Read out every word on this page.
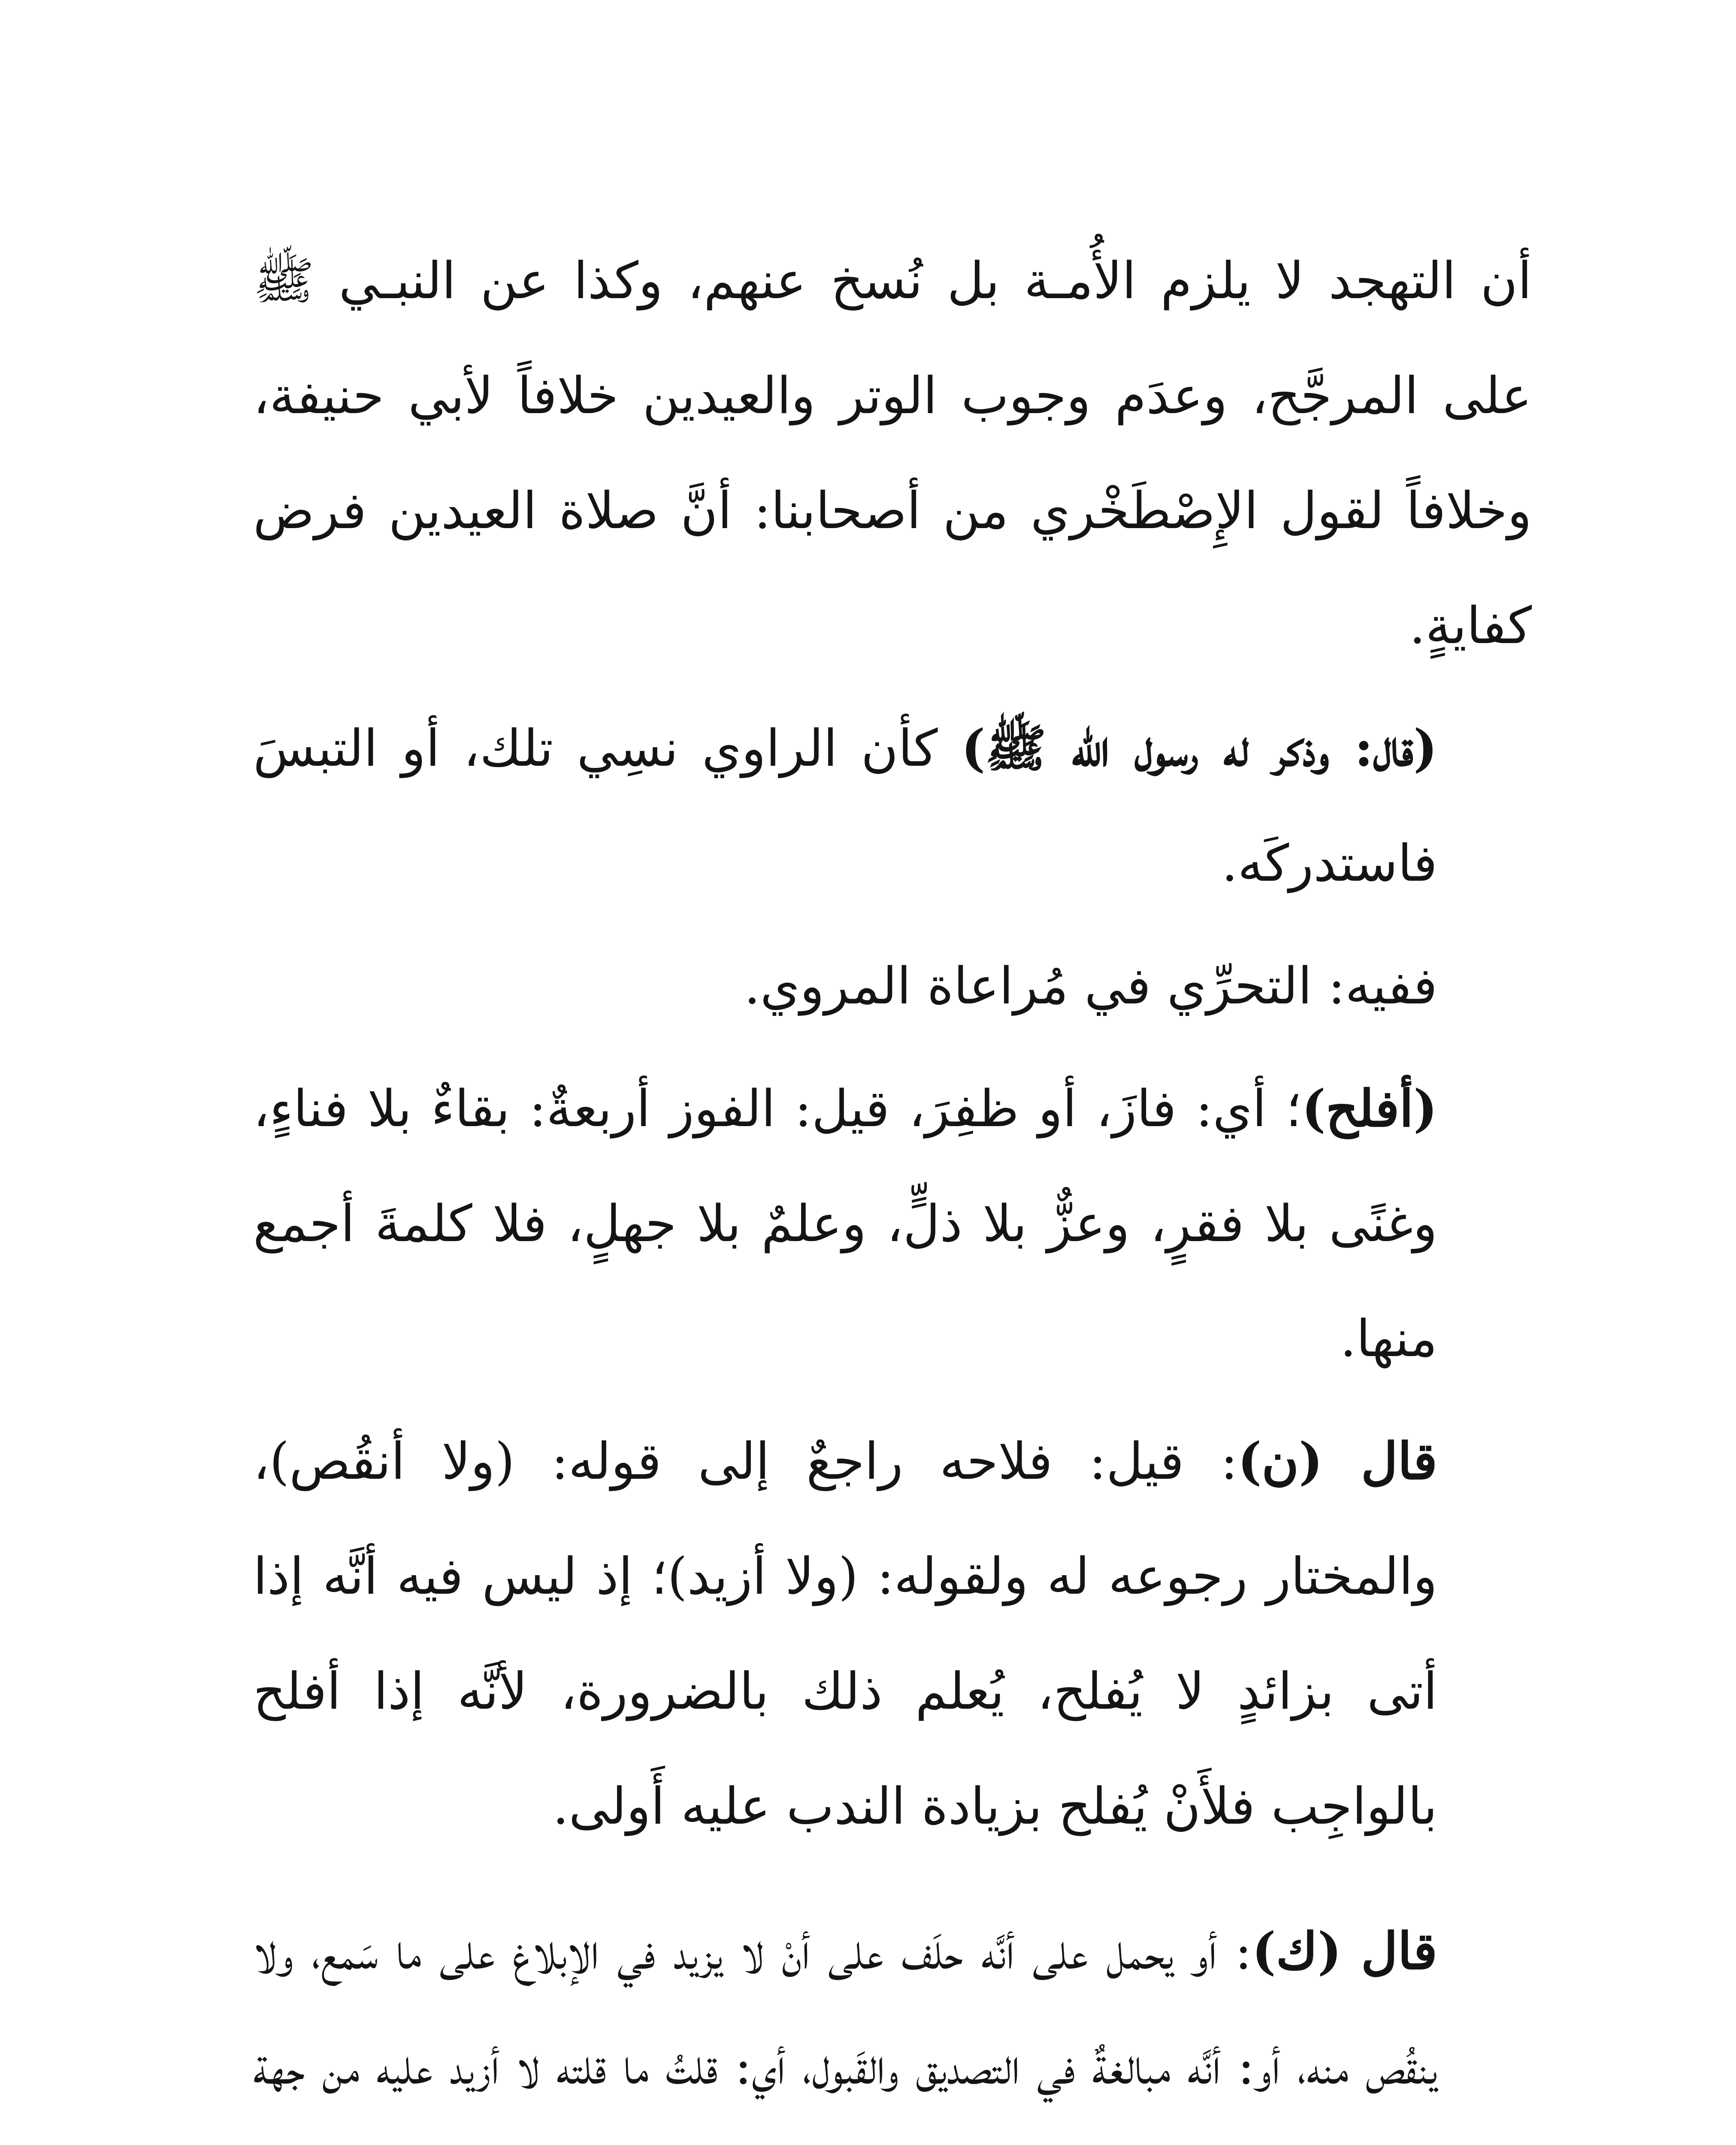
أن التهجد لا يلزم الأُمـة بل نُسخ عنهم، وكذا عن النبـي ﷺ على المرجَّح، وعدَم وجوب الوتر والعيدين خلافاً لأبي حنيفة، وخلافاً لقول الإِصْطَخْري من أصحابنا: أنَّ صلاة العيدين فرض كفايةٍ.

(قال: وذكر له رسول الله ﷺ) كأن الراوي نسِي تلك، أو التبسَ فاستدركَه.

ففيه: التحرِّي في مُراعاة المروي.

(أفلح)؛ أي: فازَ، أو ظفِرَ، قيل: الفوز أربعةٌ: بقاءٌ بلا فناءٍ، وغنًى بلا فقرٍ، وعزٌّ بلا ذلٍّ، وعلمٌ بلا جهلٍ، فلا كلمةَ أجمع منها.

قال (ن): قيل: فلاحه راجعٌ إلى قوله: (ولا أنقُص)، والمختار رجوعه له ولقوله: (ولا أزيد)؛ إذ ليس فيه أنَّه إذا أتى بزائدٍ لا يُفلح، يُعلم ذلك بالضرورة، لأنَّه إذا أفلح بالواجِب فلأَنْ يُفلح بزيادة الندب عليه أَولى.

قال (ك): أو يحمل على أنَّه حلَف على أنْ لا يزيد في الإبلاغ على ما سَمع، ولا ينقُص منه، أو: أنَّه مبالغةٌ في التصديق والقَبول، أي: قلتُ ما قلته لا أزيد عليه من جهة
